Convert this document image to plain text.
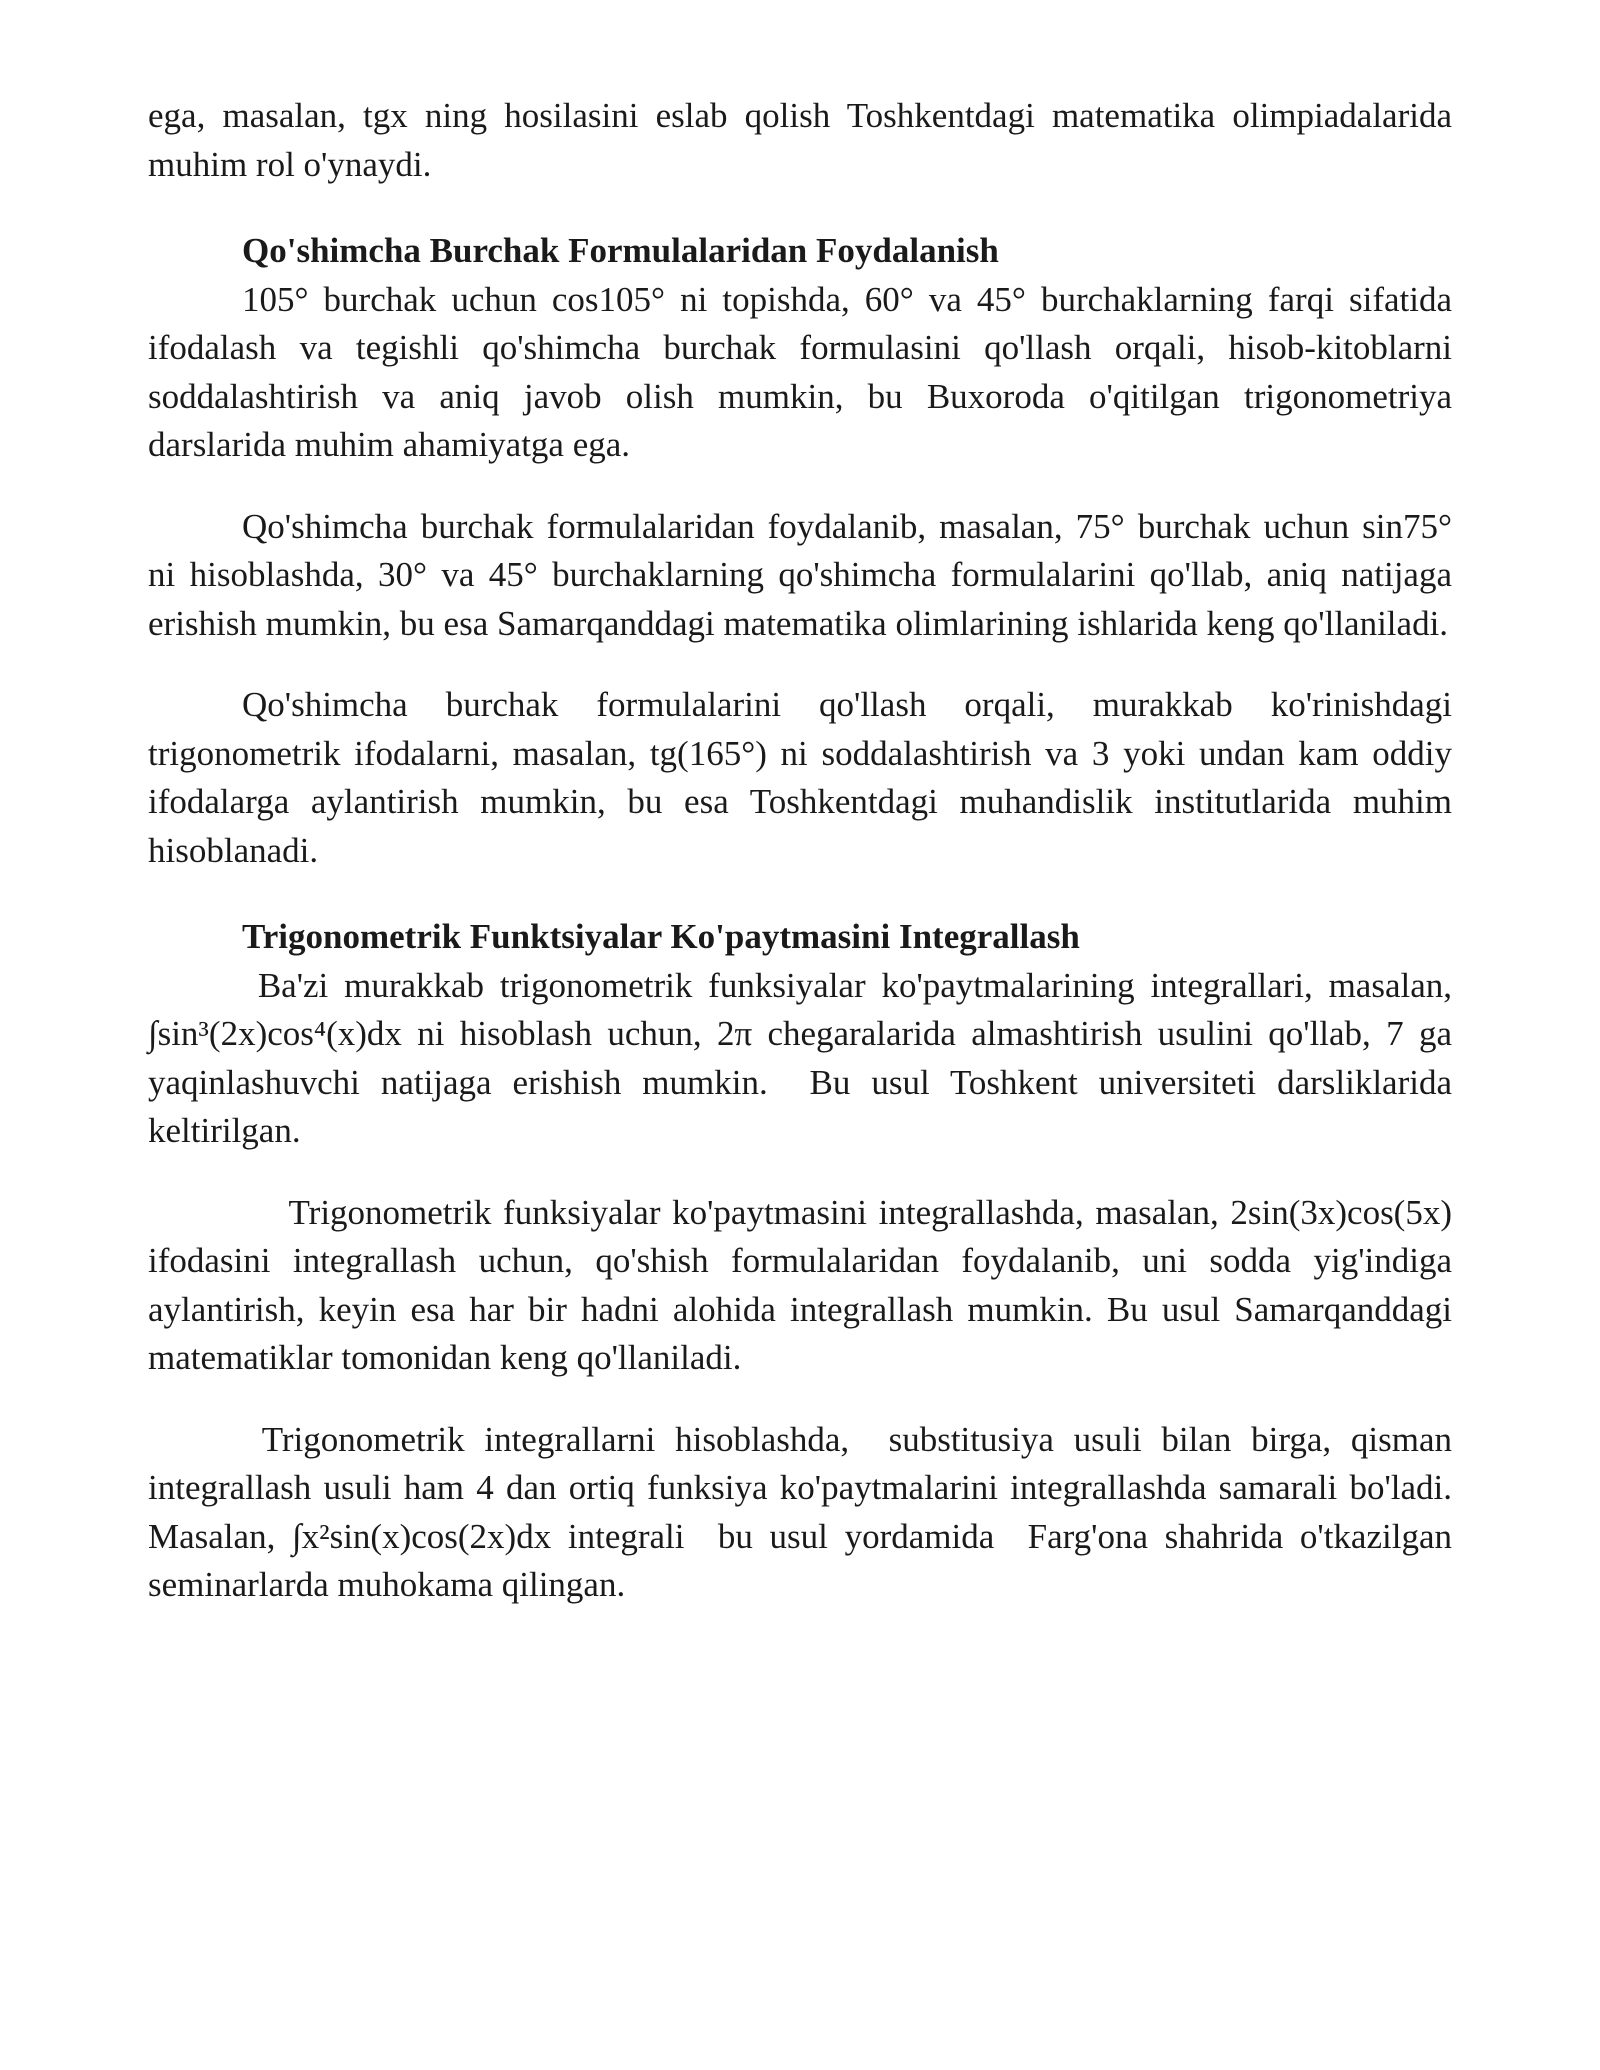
ega, masalan, tgx ning hosilasini eslab qolish Toshkentdagi matematika olimpiadalarida muhim rol o'ynaydi.

Qo'shimcha Burchak Formulalaridan Foydalanish

105° burchak uchun cos105° ni topishda, 60° va 45° burchaklarning farqi sifatida ifodalash va tegishli qo'shimcha burchak formulasini qo'llash orqali, hisob-kitoblarni soddalashtirish va aniq javob olish mumkin, bu Buxoroda o'qitilgan trigonometriya darslarida muhim ahamiyatga ega.

Qo'shimcha burchak formulalaridan foydalanib, masalan, 75° burchak uchun sin75° ni hisoblashda, 30° va 45° burchaklarning qo'shimcha formulalarini qo'llab, aniq natijaga erishish mumkin, bu esa Samarqanddagi matematika olimlarining ishlarida keng qo'llaniladi.

Qo'shimcha burchak formulalarini qo'llash orqali, murakkab ko'rinishdagi trigonometrik ifodalarni, masalan, tg(165°) ni soddalashtirish va 3 yoki undan kam oddiy ifodalarga aylantirish mumkin, bu esa Toshkentdagi muhandislik institutlarida muhim hisoblanadi.

Trigonometrik Funktsiyalar Ko'paytmasini Integrallash

Ba'zi murakkab trigonometrik funksiyalar ko'paytmalarining integrallari, masalan, ∫sin³(2x)cos⁴(x)dx ni hisoblash uchun, 2π chegaralarida almashtirish usulini qo'llab, 7 ga yaqinlashuvchi natijaga erishish mumkin.  Bu usul Toshkent universiteti darsliklarida keltirilgan.

Trigonometrik funksiyalar ko'paytmasini integrallashda, masalan, 2sin(3x)cos(5x) ifodasini integrallash uchun, qo'shish formulalaridan foydalanib, uni sodda yig'indiga aylantirish, keyin esa har bir hadni alohida integrallash mumkin. Bu usul Samarqanddagi matematiklar tomonidan keng qo'llaniladi.

Trigonometrik integrallarni hisoblashda,  substitusiya usuli bilan birga, qisman integrallash usuli ham 4 dan ortiq funksiya ko'paytmalarini integrallashda samarali bo'ladi.  Masalan, ∫x²sin(x)cos(2x)dx integrali  bu usul yordamida  Farg'ona shahrida o'tkazilgan seminarlarda muhokama qilingan.
